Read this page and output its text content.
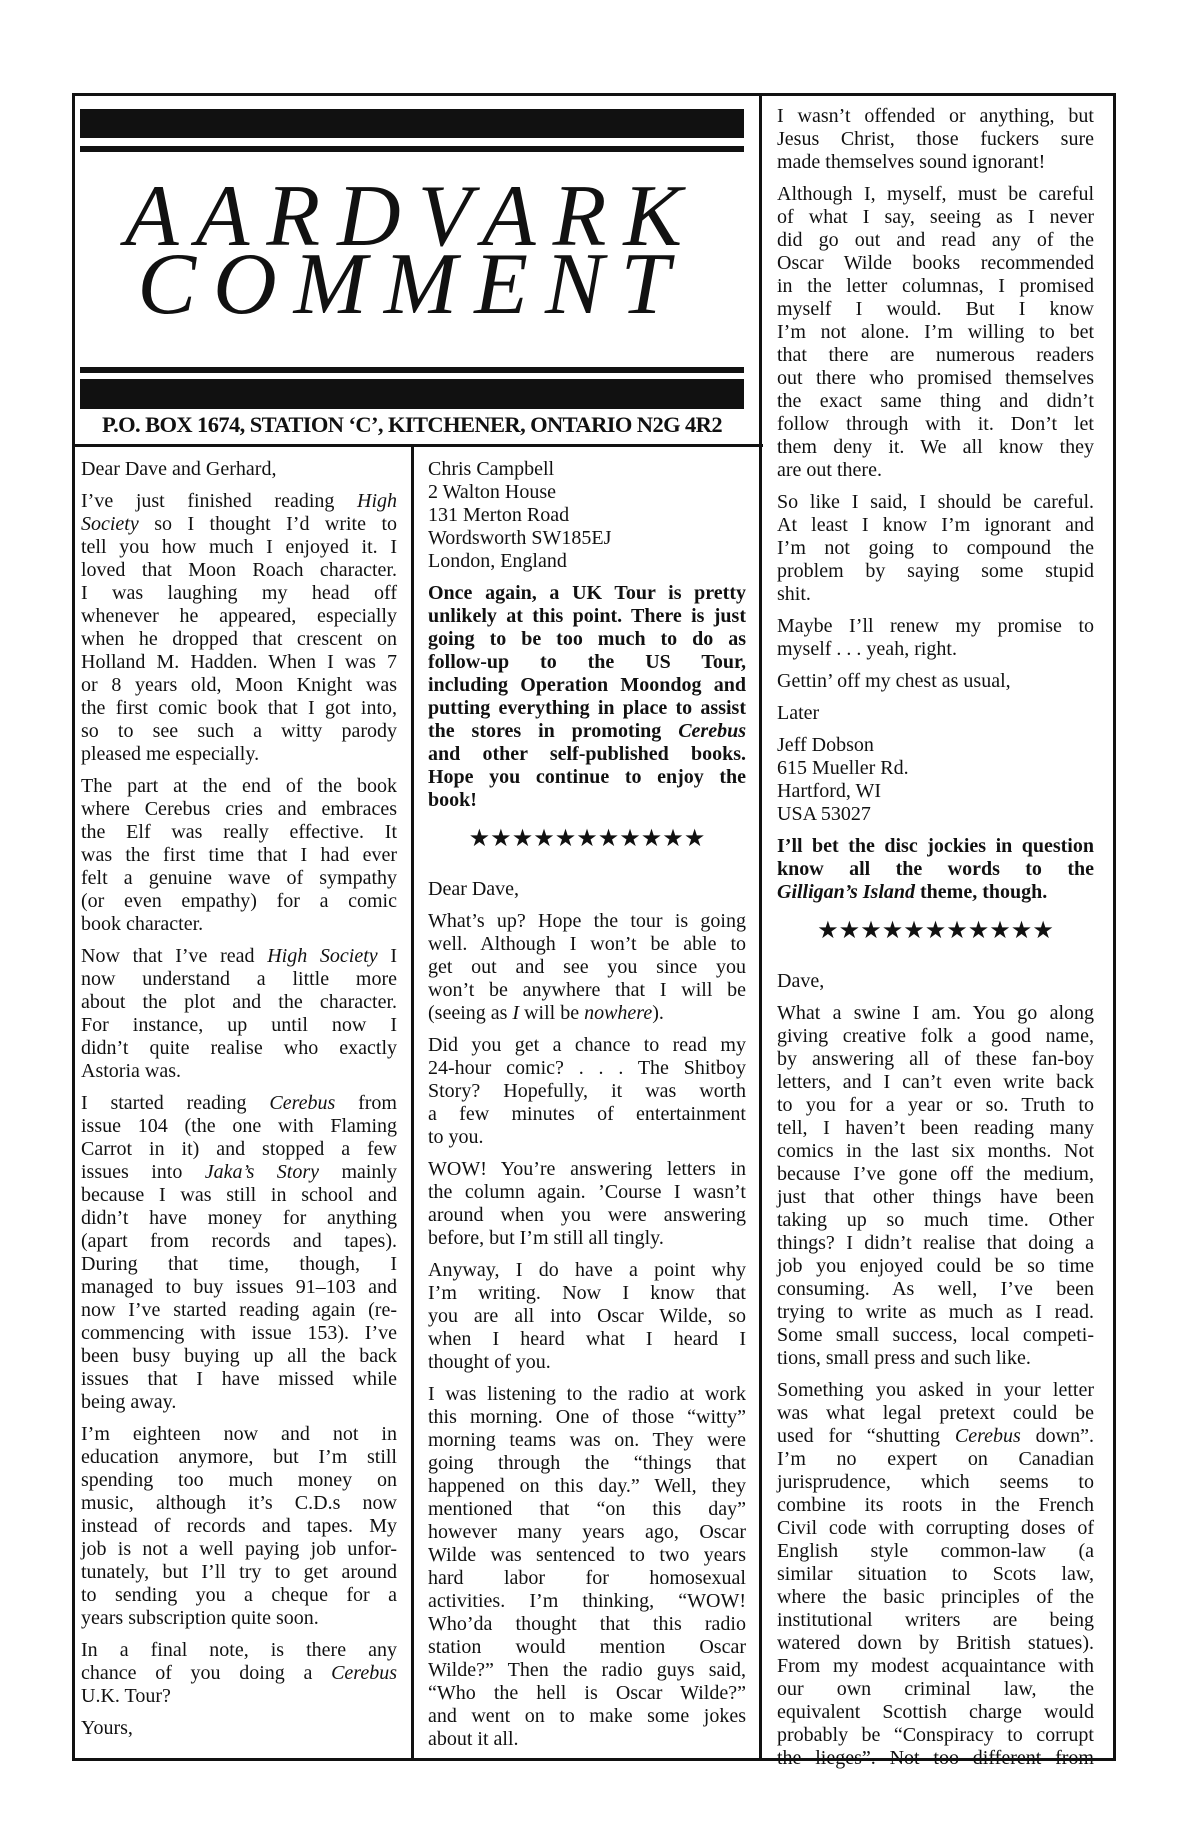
AARDVARK
COMMENT
P.O. BOX 1674, STATION ‘C’, KITCHENER, ONTARIO N2G 4R2
Dear Dave and Gerhard,
I’ve just finished reading High
Society so I thought I’d write to
tell you how much I enjoyed it. I
loved that Moon Roach character.
I was laughing my head off
whenever he appeared, especially
when he dropped that crescent on
Holland M. Hadden. When I was 7
or 8 years old, Moon Knight was
the first comic book that I got into,
so to see such a witty parody
pleased me especially.
The part at the end of the book
where Cerebus cries and embraces
the Elf was really effective. It
was the first time that I had ever
felt a genuine wave of sympathy
(or even empathy) for a comic
book character.
Now that I’ve read High Society I
now understand a little more
about the plot and the character.
For instance, up until now I
didn’t quite realise who exactly
Astoria was.
I started reading Cerebus from
issue 104 (the one with Flaming
Carrot in it) and stopped a few
issues into Jaka’s Story mainly
because I was still in school and
didn’t have money for anything
(apart from records and tapes).
During that time, though, I
managed to buy issues 91–103 and
now I’ve started reading again (re-
commencing with issue 153). I’ve
been busy buying up all the back
issues that I have missed while
being away.
I’m eighteen now and not in
education anymore, but I’m still
spending too much money on
music, although it’s C.D.s now
instead of records and tapes. My
job is not a well paying job unfor-
tunately, but I’ll try to get around
to sending you a cheque for a
years subscription quite soon.
In a final note, is there any
chance of you doing a Cerebus
U.K. Tour?
Yours,
Chris Campbell
2 Walton House
131 Merton Road
Wordsworth SW185EJ
London, England
Once again, a UK Tour is pretty
unlikely at this point. There is just
going to be too much to do as
follow-up to the US Tour,
including Operation Moondog and
putting everything in place to assist
the stores in promoting Cerebus
and other self-published books.
Hope you continue to enjoy the
book!
★★★★★★★★★★★
Dear Dave,
What’s up? Hope the tour is going
well. Although I won’t be able to
get out and see you since you
won’t be anywhere that I will be
(seeing as I will be nowhere).
Did you get a chance to read my
24-hour comic? . . . The Shitboy
Story? Hopefully, it was worth
a few minutes of entertainment
to you.
WOW! You’re answering letters in
the column again. ’Course I wasn’t
around when you were answering
before, but I’m still all tingly.
Anyway, I do have a point why
I’m writing. Now I know that
you are all into Oscar Wilde, so
when I heard what I heard I
thought of you.
I was listening to the radio at work
this morning. One of those “witty”
morning teams was on. They were
going through the “things that
happened on this day.” Well, they
mentioned that “on this day”
however many years ago, Oscar
Wilde was sentenced to two years
hard labor for homosexual
activities. I’m thinking, “WOW!
Who’da thought that this radio
station would mention Oscar
Wilde?” Then the radio guys said,
“Who the hell is Oscar Wilde?”
and went on to make some jokes
about it all.
I wasn’t offended or anything, but
Jesus Christ, those fuckers sure
made themselves sound ignorant!
Although I, myself, must be careful
of what I say, seeing as I never
did go out and read any of the
Oscar Wilde books recommended
in the letter columnas, I promised
myself I would. But I know
I’m not alone. I’m willing to bet
that there are numerous readers
out there who promised themselves
the exact same thing and didn’t
follow through with it. Don’t let
them deny it. We all know they
are out there.
So like I said, I should be careful.
At least I know I’m ignorant and
I’m not going to compound the
problem by saying some stupid
shit.
Maybe I’ll renew my promise to
myself . . . yeah, right.
Gettin’ off my chest as usual,
Later
Jeff Dobson
615 Mueller Rd.
Hartford, WI
USA 53027
I’ll bet the disc jockies in question
know all the words to the
Gilligan’s Island theme, though.
★★★★★★★★★★★
Dave,
What a swine I am. You go along
giving creative folk a good name,
by answering all of these fan-boy
letters, and I can’t even write back
to you for a year or so. Truth to
tell, I haven’t been reading many
comics in the last six months. Not
because I’ve gone off the medium,
just that other things have been
taking up so much time. Other
things? I didn’t realise that doing a
job you enjoyed could be so time
consuming. As well, I’ve been
trying to write as much as I read.
Some small success, local competi-
tions, small press and such like.
Something you asked in your letter
was what legal pretext could be
used for “shutting Cerebus down”.
I’m no expert on Canadian
jurisprudence, which seems to
combine its roots in the French
Civil code with corrupting doses of
English style common-law (a
similar situation to Scots law,
where the basic principles of the
institutional writers are being
watered down by British statues).
From my modest acquaintance with
our own criminal law, the
equivalent Scottish charge would
probably be “Conspiracy to corrupt
the lieges”. Not too different from
